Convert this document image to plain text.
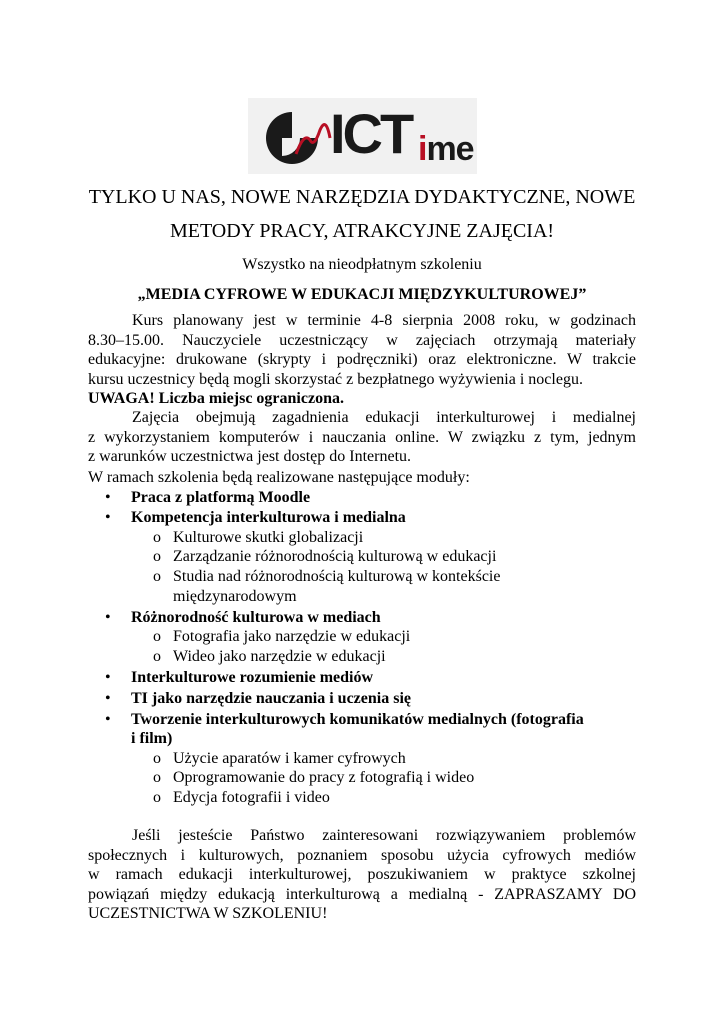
ICT ime
TYLKO U NAS, NOWE NARZĘDZIA DYDAKTYCZNE, NOWE
METODY PRACY, ATRAKCYJNE ZAJĘCIA!
Wszystko na nieodpłatnym szkoleniu
„MEDIA CYFROWE W EDUKACJI MIĘDZYKULTUROWEJ”
Kurs planowany jest w terminie 4-8 sierpnia 2008 roku, w godzinach
8.30–15.00. Nauczyciele uczestniczący w zajęciach otrzymają materiały
edukacyjne: drukowane (skrypty i podręczniki) oraz elektroniczne. W trakcie
kursu uczestnicy będą mogli skorzystać z bezpłatnego wyżywienia i noclegu.
UWAGA! Liczba miejsc ograniczona.
Zajęcia obejmują zagadnienia edukacji interkulturowej i medialnej
z wykorzystaniem komputerów i nauczania online. W związku z tym, jednym
z warunków uczestnictwa jest dostęp do Internetu.
W ramach szkolenia będą realizowane następujące moduły:
• Praca z platformą Moodle
• Kompetencja interkulturowa i medialna
o Kulturowe skutki globalizacji
o Zarządzanie różnorodnością kulturową w edukacji
o Studia nad różnorodnością kulturową w kontekście
międzynarodowym
• Różnorodność kulturowa w mediach
o Fotografia jako narzędzie w edukacji
o Wideo jako narzędzie w edukacji
• Interkulturowe rozumienie mediów
• TI jako narzędzie nauczania i uczenia się
• Tworzenie interkulturowych komunikatów medialnych (fotografia
i film)
o Użycie aparatów i kamer cyfrowych
o Oprogramowanie do pracy z fotografią i wideo
o Edycja fotografii i video
Jeśli jesteście Państwo zainteresowani rozwiązywaniem problemów
społecznych i kulturowych, poznaniem sposobu użycia cyfrowych mediów
w ramach edukacji interkulturowej, poszukiwaniem w praktyce szkolnej
powiązań między edukacją interkulturową a medialną - ZAPRASZAMY DO
UCZESTNICTWA W SZKOLENIU!
